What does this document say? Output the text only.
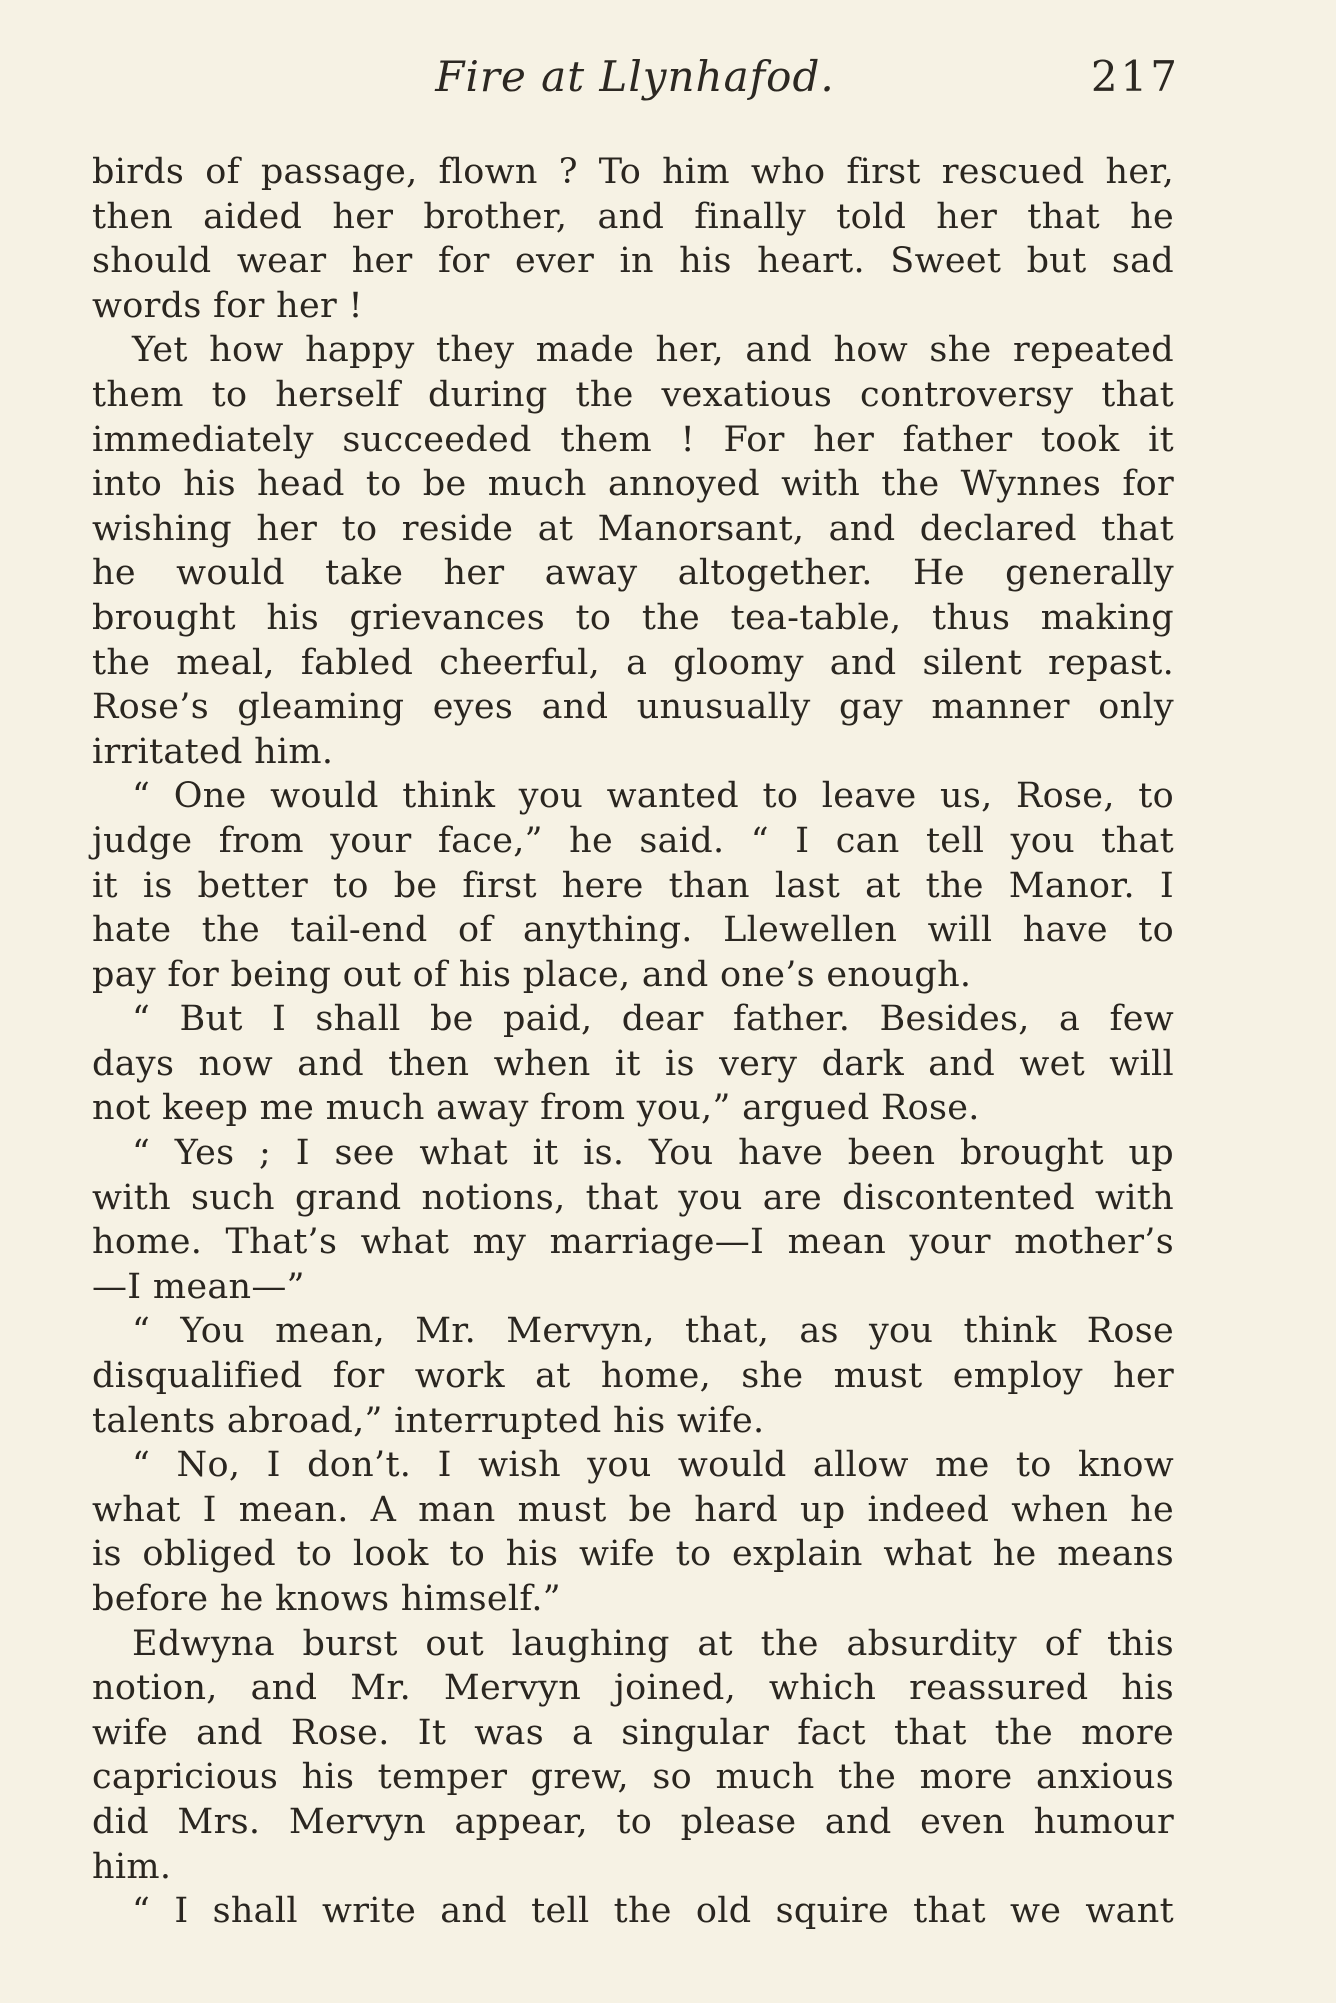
Fire at Llynhafod.	217
birds of passage, flown ? To him who first rescued her,
then aided her brother, and finally told her that he
should wear her for ever in his heart. Sweet but sad
words for her !
Yet how happy they made her, and how she repeated
them to herself during the vexatious controversy that
immediately succeeded them ! For her father took it
into his head to be much annoyed with the Wynnes for
wishing her to reside at Manorsant, and declared that
he would take her away altogether. He generally
brought his grievances to the tea-table, thus making
the meal, fabled cheerful, a gloomy and silent repast.
Rose’s gleaming eyes and unusually gay manner only
irritated him.
“ One would think you wanted to leave us, Rose, to
judge from your face,” he said. “ I can tell you that
it is better to be first here than last at the Manor. I
hate the tail-end of anything. Llewellen will have to
pay for being out of his place, and one’s enough.
“ But I shall be paid, dear father. Besides, a few
days now and then when it is very dark and wet will
not keep me much away from you,” argued Rose.
“ Yes ; I see what it is. You have been brought up
with such grand notions, that you are discontented with
home. That’s what my marriage—I mean your mother’s
—I mean—”
“ You mean, Mr. Mervyn, that, as you think Rose
disqualified for work at home, she must employ her
talents abroad,” interrupted his wife.
“ No, I don’t. I wish you would allow me to know
what I mean. A man must be hard up indeed when he
is obliged to look to his wife to explain what he means
before he knows himself.”
Edwyna burst out laughing at the absurdity of this
notion, and Mr. Mervyn joined, which reassured his
wife and Rose. It was a singular fact that the more
capricious his temper grew, so much the more anxious
did Mrs. Mervyn appear, to please and even humour
him.
“ I shall write and tell the old squire that we want
